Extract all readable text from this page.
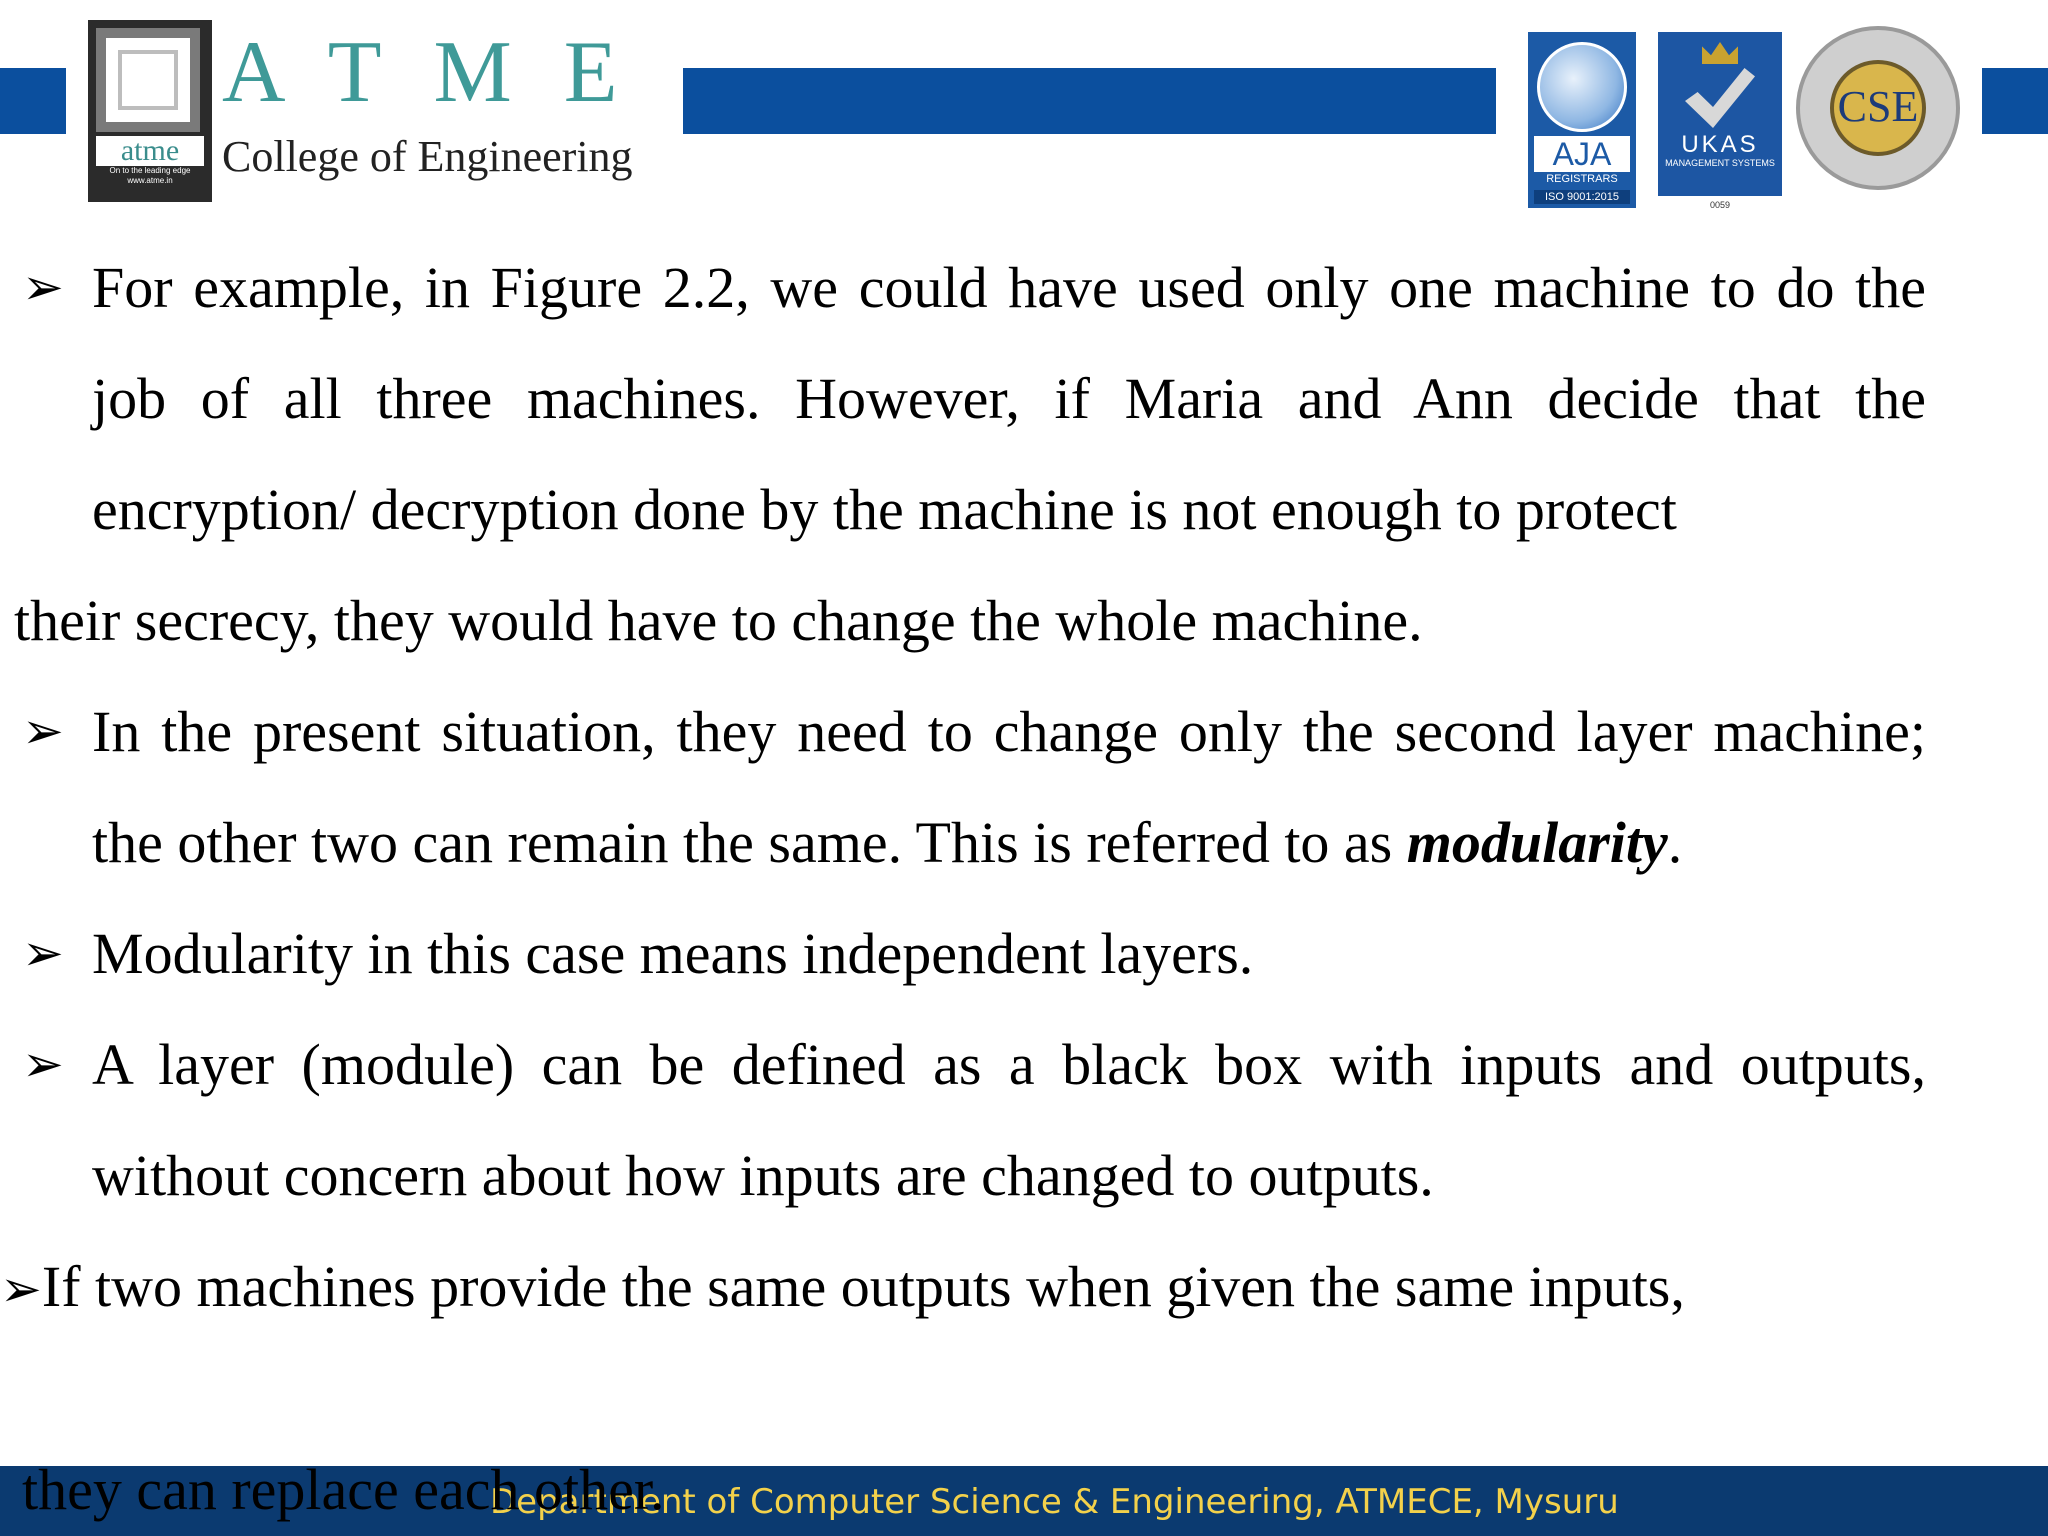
atme
On to the leading edge
www.atme.in
ATME
College of Engineering	AJA
REGISTRARS
ISO 9001:2015
UKAS
MANAGEMENT SYSTEMS
0059
CSE
➢ For example, in Figure 2.2, we could have used only one machine to do the job of all three machines. However, if Maria and Ann decide that the encryption/ decryption done by the machine is not enough to protect
their secrecy, they would have to change the whole machine.
➢ In the present situation, they need to change only the second layer machine; the other two can remain the same. This is referred to as modularity.
➢ Modularity in this case means independent layers.
➢ A layer (module) can be defined as a black box with inputs and outputs, without concern about how inputs are changed to outputs.
➢If two machines provide the same outputs when given the same inputs,
Department of Computer Science & Engineering, ATMECE, Mysuru
they can replace each other.
